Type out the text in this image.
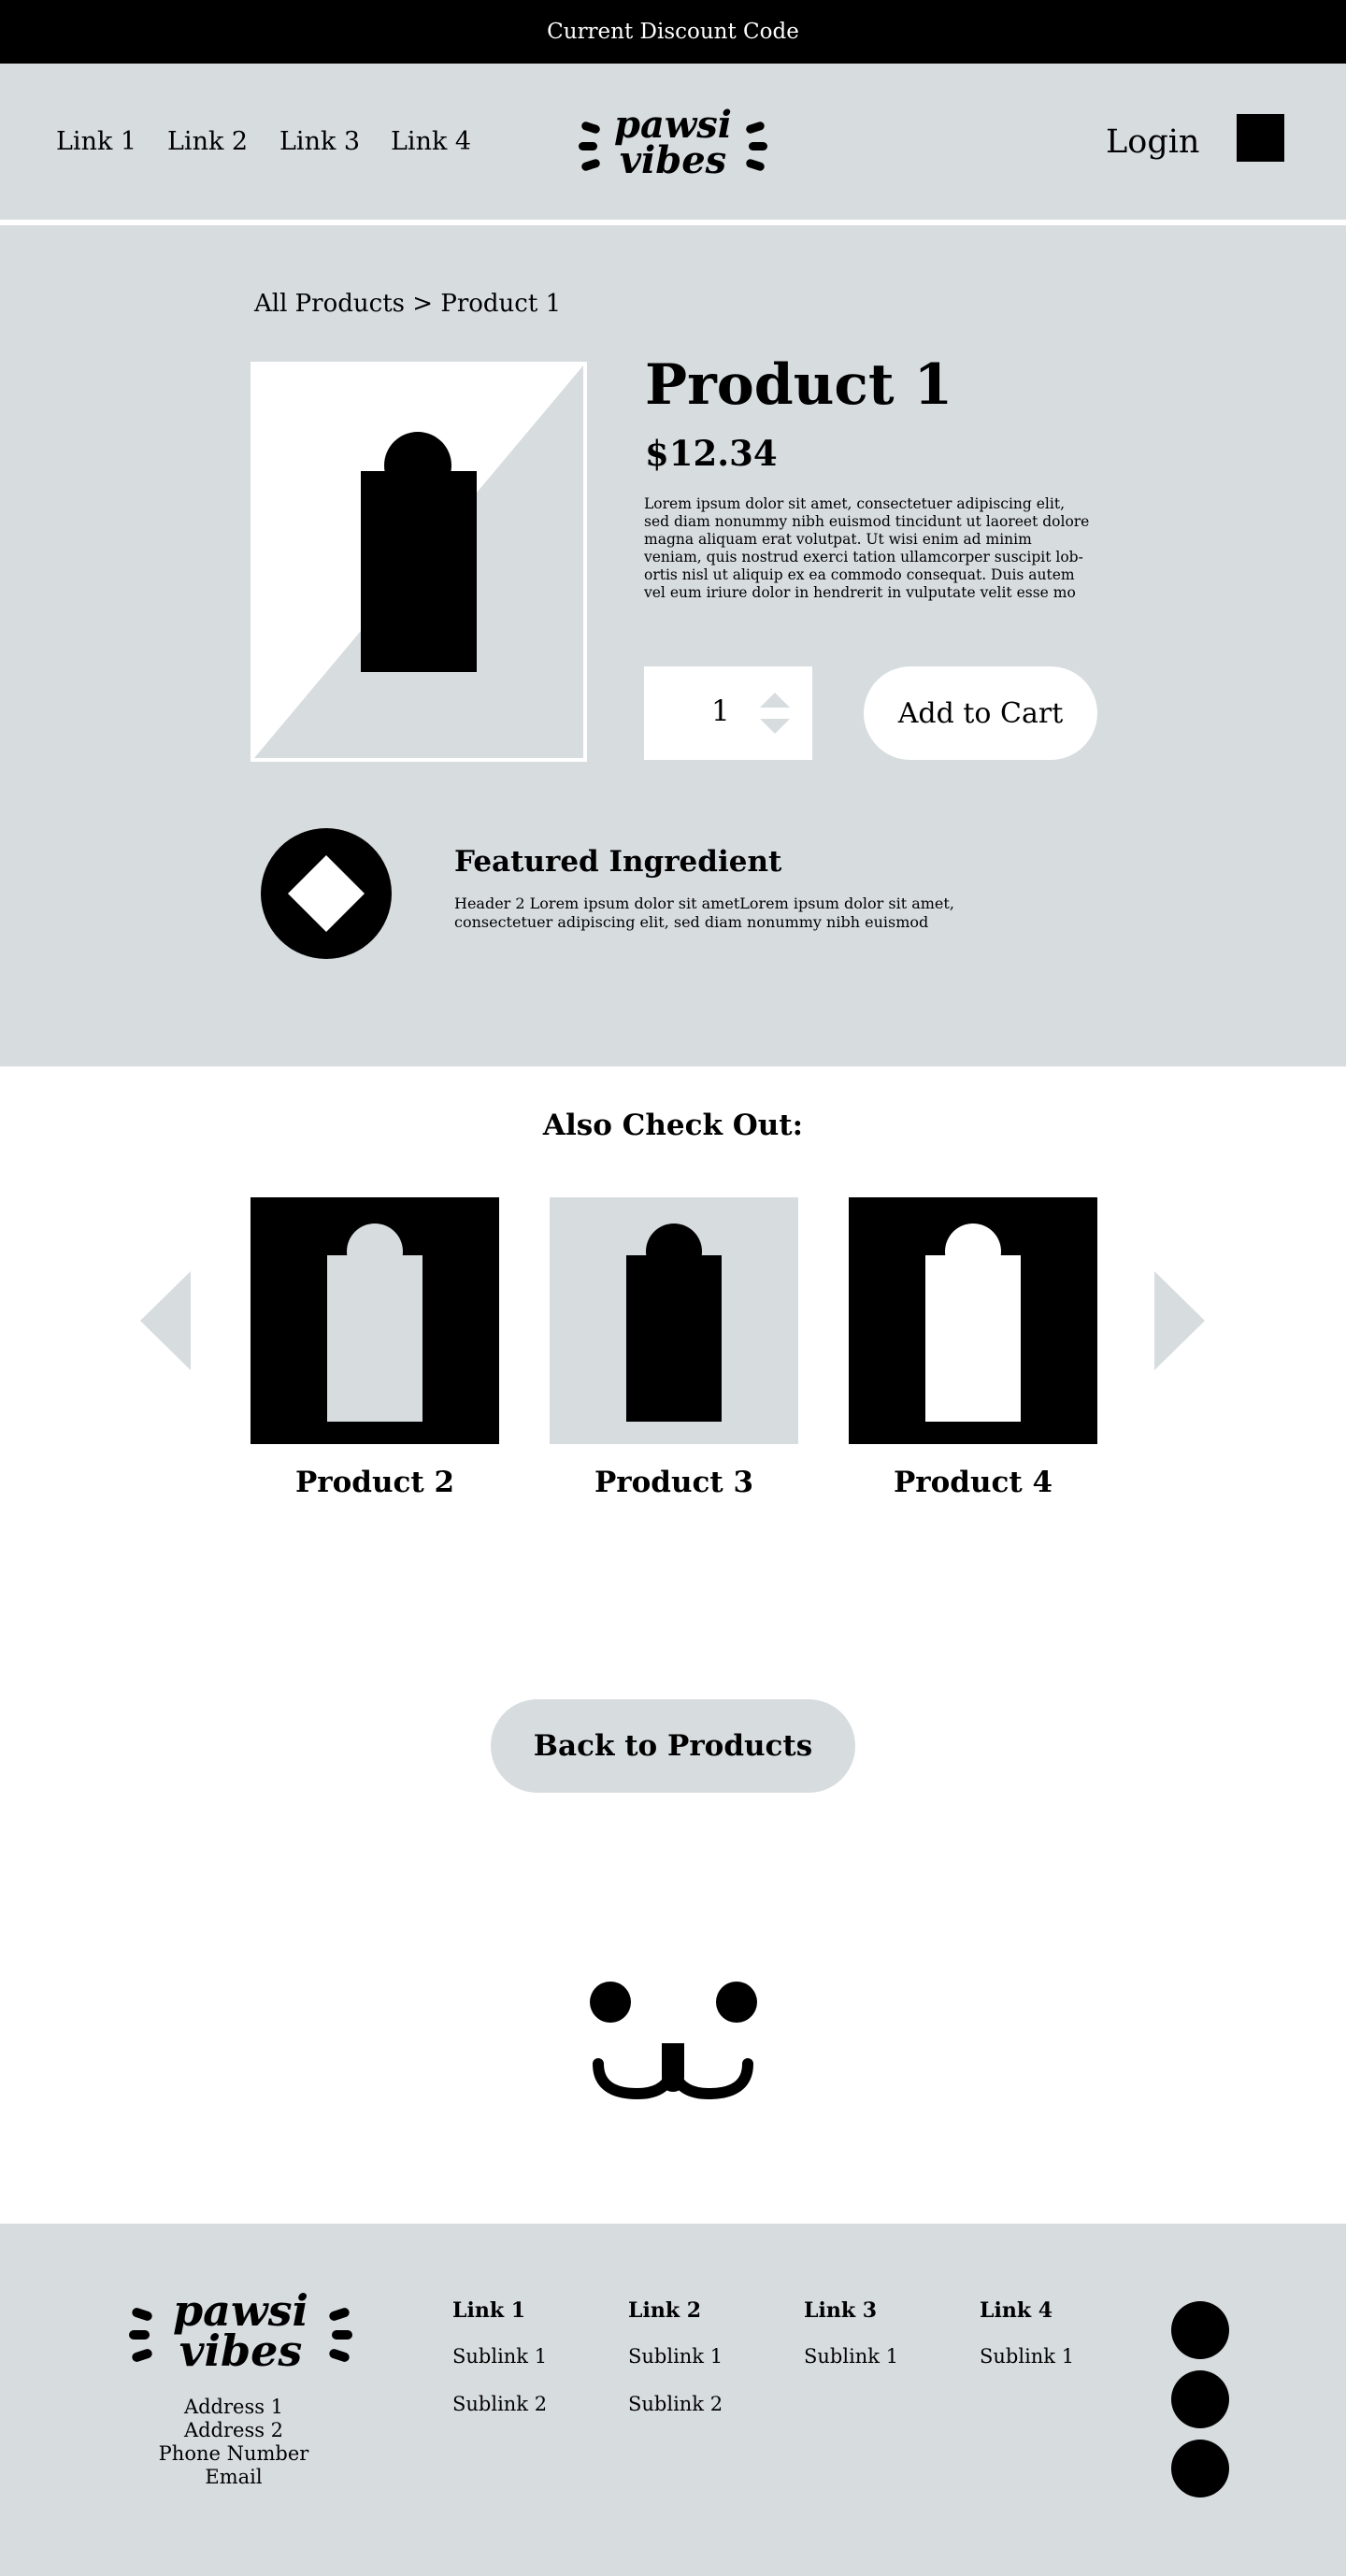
Current Discount Code
Link 1 Link 2 Link 3 Link 4	pawsi
vibes	Login
All Products > Product 1
Product 1
$12.34
Lorem ipsum dolor sit amet, consectetuer adipiscing elit, sed diam nonummy nibh euismod tincidunt ut laoreet dolore magna aliquam erat volutpat. Ut wisi enim ad minim veniam, quis nostrud exerci tation ullamcorper suscipit lob-ortis nisl ut aliquip ex ea commodo consequat. Duis autem vel eum iriure dolor in hendrerit in vulputate velit esse mo
1	Add to Cart
Featured Ingredient
Header 2 Lorem ipsum dolor sit ametLorem ipsum dolor sit amet, consectetuer adipiscing elit, sed diam nonummy nibh euismod
Also Check Out:
Product 2	Product 3	Product 4
Back to Products
pawsi
vibes
Address 1
Address 2
Phone Number
Email
Link 1
Sublink 1
Sublink 2
Link 2
Sublink 1
Sublink 2
Link 3
Sublink 1
Link 4
Sublink 1
